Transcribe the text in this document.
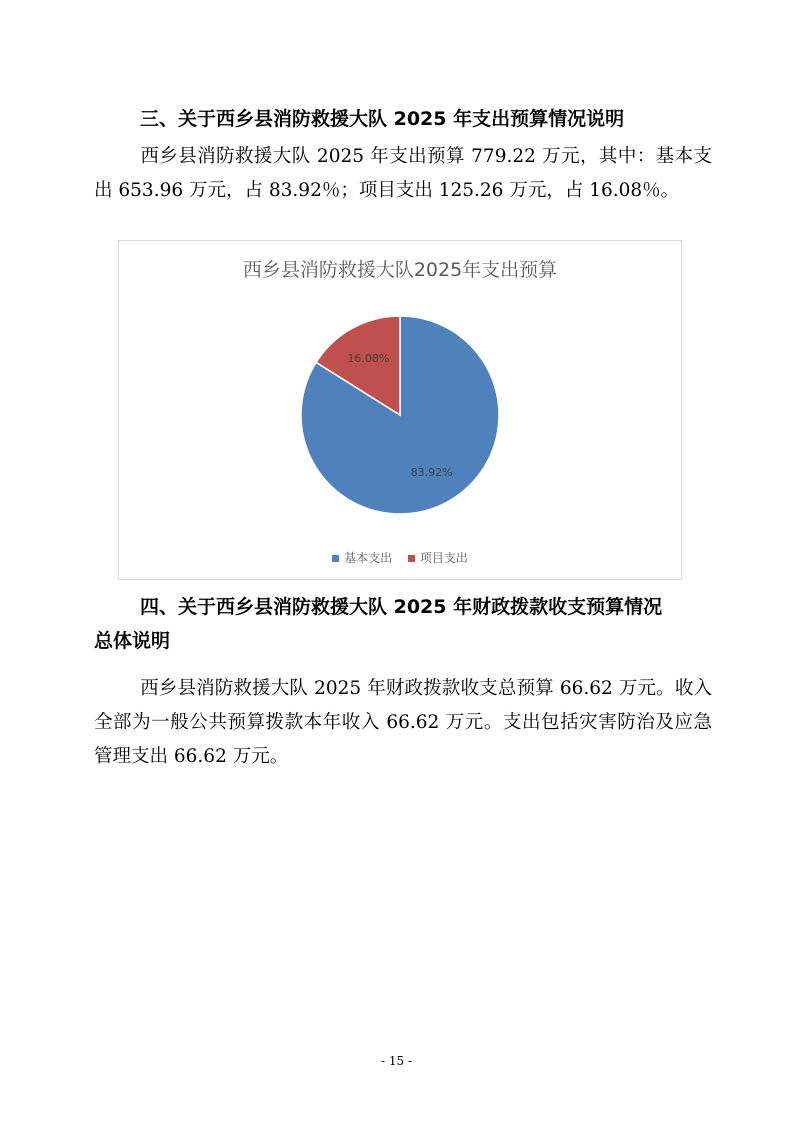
三、关于西乡县消防救援大队 2025 年支出预算情况说明

西乡县消防救援大队 2025 年支出预算 779.22 万元，其中：基本支出 653.96 万元，占 83.92％；项目支出 125.26 万元，占 16.08％。

西乡县消防救援大队2025年支出预算
83.92%
16.08%
基本支出 项目支出
四、关于西乡县消防救援大队 2025 年财政拨款收支预算情况
总体说明

西乡县消防救援大队 2025 年财政拨款收支总预算 66.62 万元。收入全部为一般公共预算拨款本年收入 66.62 万元。支出包括灾害防治及应急管理支出 66.62 万元。

- 15 -
